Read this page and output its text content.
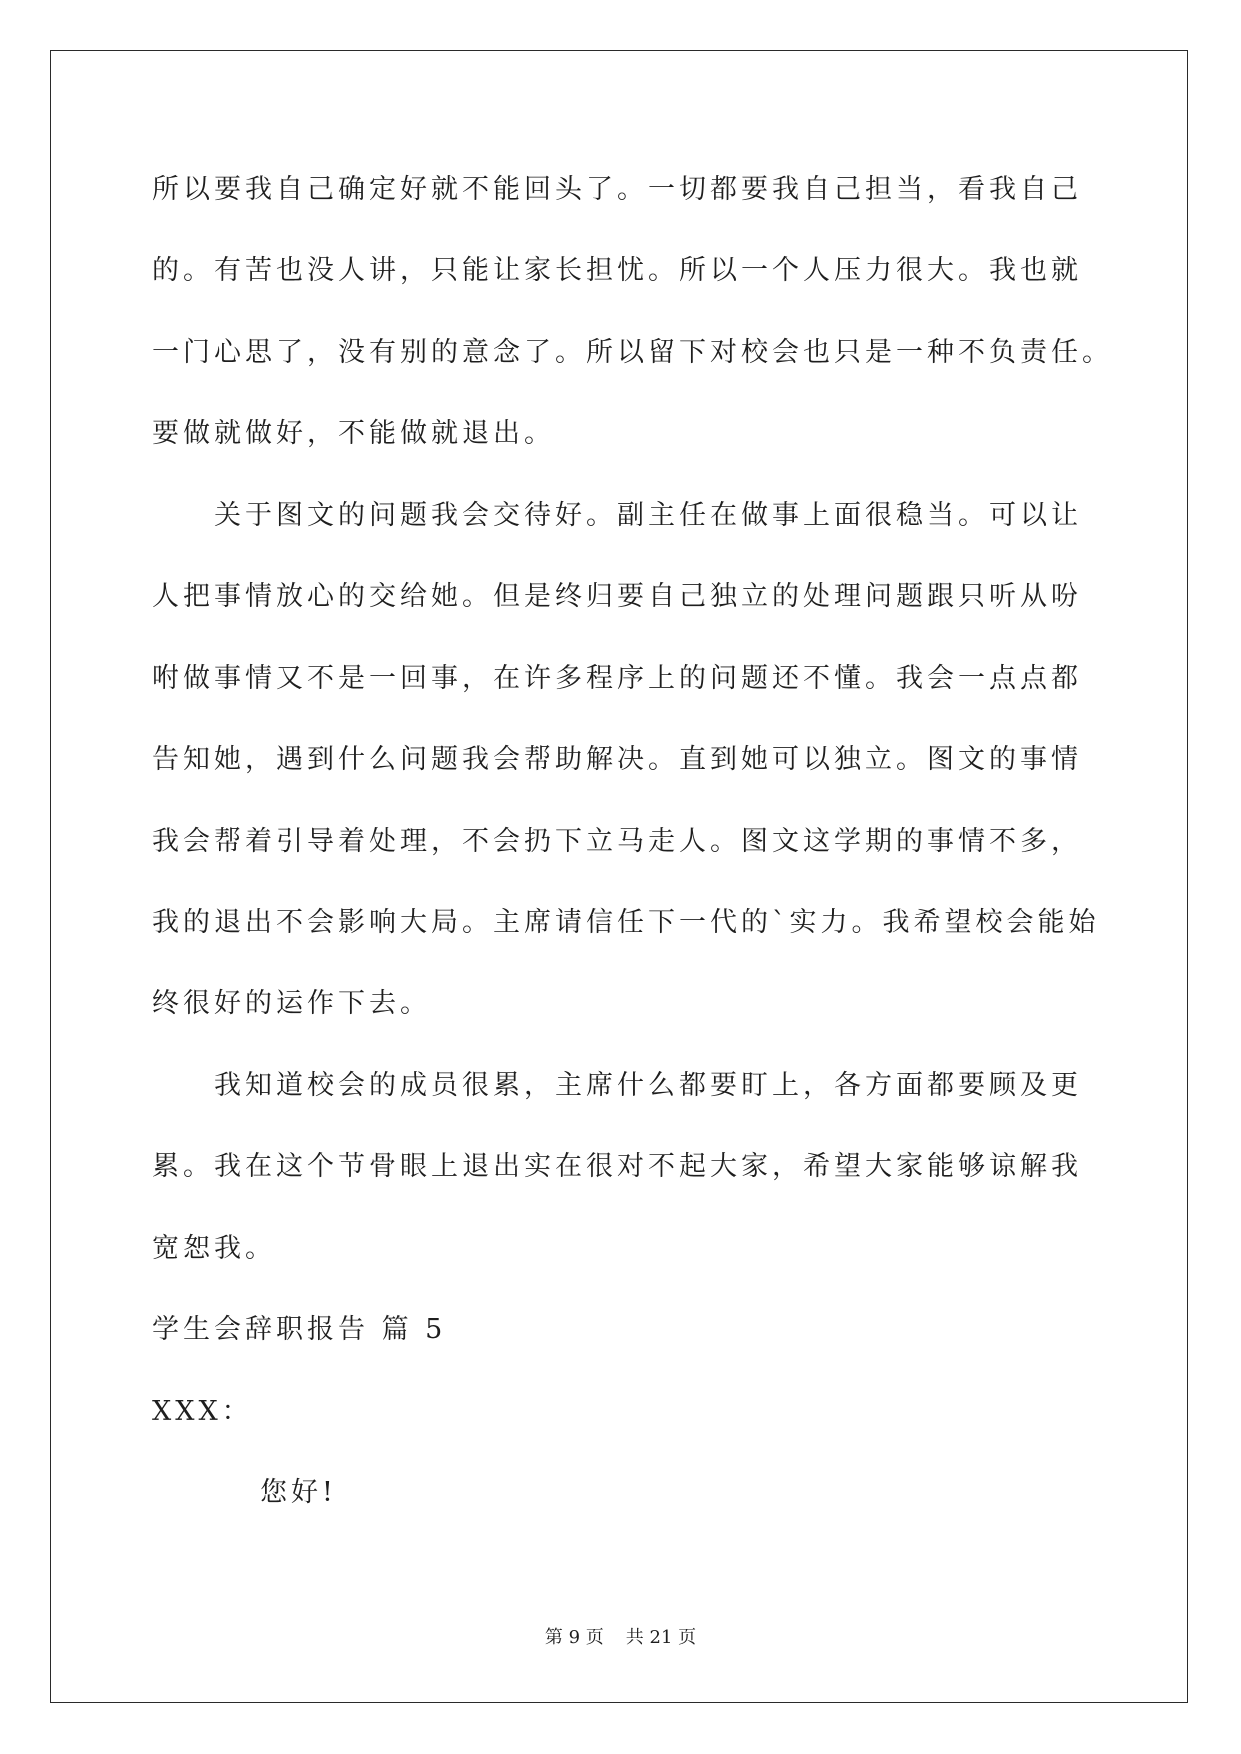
所以要我自己确定好就不能回头了。一切都要我自己担当，看我自己
的。有苦也没人讲，只能让家长担忧。所以一个人压力很大。我也就
一门心思了，没有别的意念了。所以留下对校会也只是一种不负责任。
要做就做好，不能做就退出。
关于图文的问题我会交待好。副主任在做事上面很稳当。可以让
人把事情放心的交给她。但是终归要自己独立的处理问题跟只听从吩
咐做事情又不是一回事，在许多程序上的问题还不懂。我会一点点都
告知她，遇到什么问题我会帮助解决。直到她可以独立。图文的事情
我会帮着引导着处理，不会扔下立马走人。图文这学期的事情不多，
我的退出不会影响大局。主席请信任下一代的`实力。我希望校会能始
终很好的运作下去。
我知道校会的成员很累，主席什么都要盯上，各方面都要顾及更
累。我在这个节骨眼上退出实在很对不起大家，希望大家能够谅解我
宽恕我。
学生会辞职报告 篇 5
XXX：
您好!
第 9 页 共 21 页
